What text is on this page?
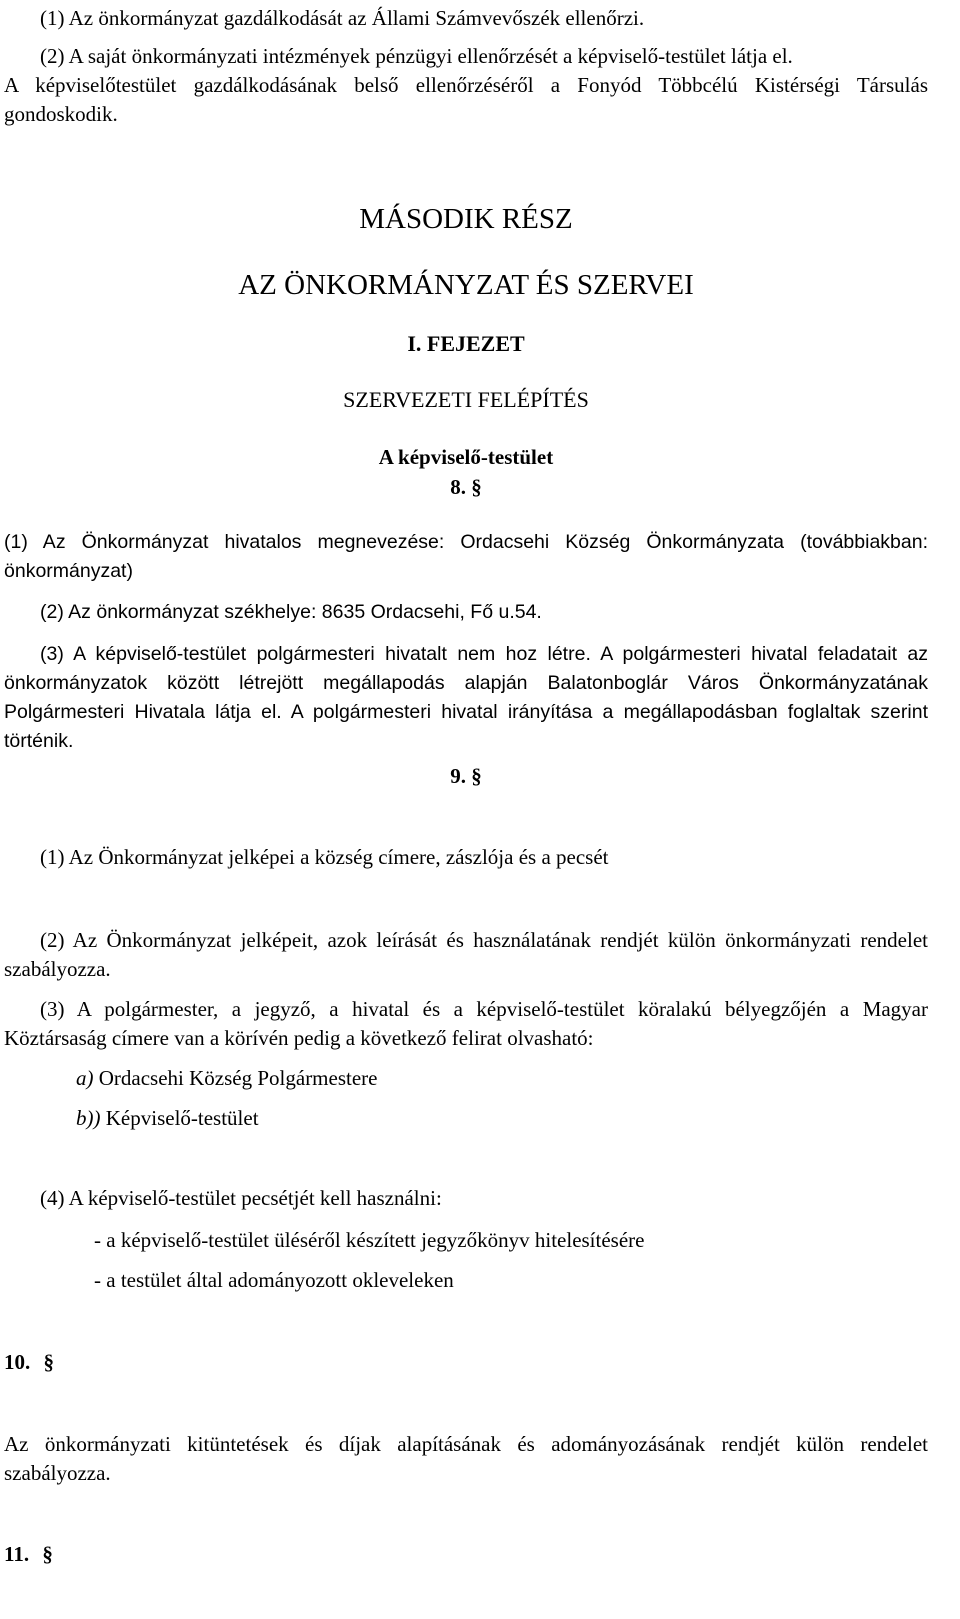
(1) Az önkormányzat gazdálkodását az Állami Számvevőszék ellenőrzi.

(2) A saját önkormányzati intézmények pénzügyi ellenőrzését a képviselő-testület látja el.

A képviselőtestület gazdálkodásának belső ellenőrzéséről a Fonyód Többcélú Kistérségi Társulás gondoskodik.

MÁSODIK RÉSZ

AZ ÖNKORMÁNYZAT ÉS SZERVEI

I. FEJEZET

SZERVEZETI FELÉPÍTÉS

A képviselő-testület

8. §

(1) Az Önkormányzat hivatalos megnevezése: Ordacsehi Község Önkormányzata (továbbiakban: önkormányzat)

(2) Az önkormányzat székhelye: 8635 Ordacsehi, Fő u.54.

(3) A képviselő-testület polgármesteri hivatalt nem hoz létre. A polgármesteri hivatal feladatait az önkormányzatok között létrejött megállapodás alapján Balatonboglár Város Önkormányzatának Polgármesteri Hivatala látja el. A polgármesteri hivatal irányítása a megállapodásban foglaltak szerint történik.

9. §

(1) Az Önkormányzat jelképei a község címere, zászlója és a pecsét

(2) Az Önkormányzat jelképeit, azok leírását és használatának rendjét külön önkormányzati rendelet szabályozza.

(3) A polgármester, a jegyző, a hivatal és a képviselő-testület köralakú bélyegzőjén a Magyar Köztársaság címere van a körívén pedig a következő felirat olvasható:

a) Ordacsehi Község Polgármestere

b)) Képviselő-testület

(4) A képviselő-testület pecsétjét kell használni:

- a képviselő-testület üléséről készített jegyzőkönyv hitelesítésére

- a testület által adományozott okleveleken

10. §

Az önkormányzati kitüntetések és díjak alapításának és adományozásának rendjét külön rendelet szabályozza.

11. §
